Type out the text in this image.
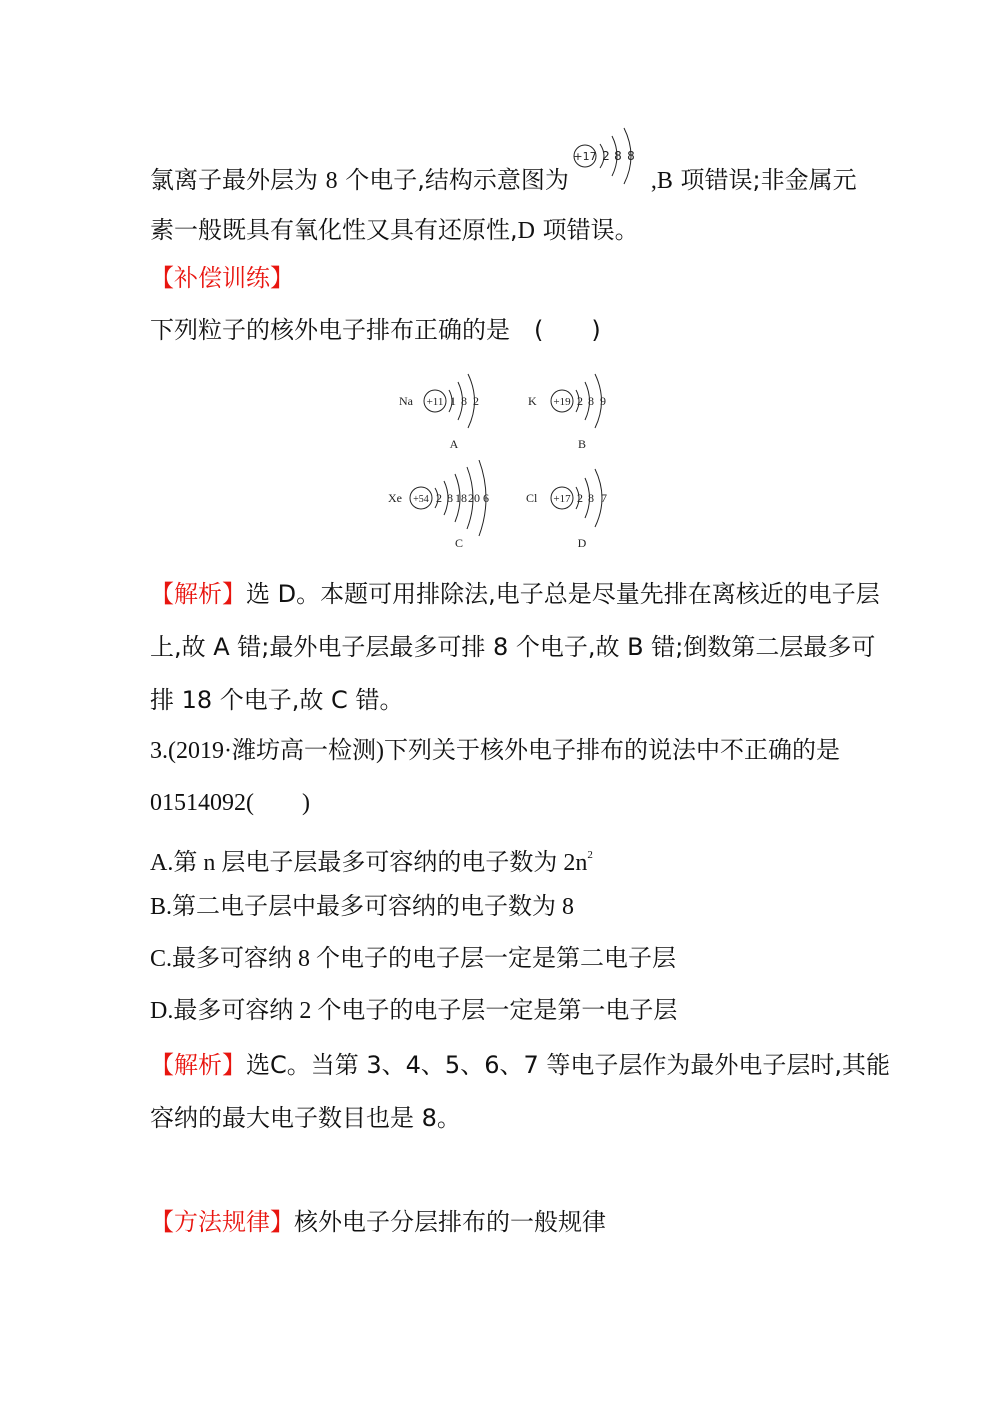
氯离子最外层为 8 个电子,结构示意图为	,B 项错误;非金属元
+17 2 8 8
素一般既具有氧化性又具有还原性,D 项错误。
【补偿训练】
下列粒子的核外电子排布正确的是　(　　)
Na +11 1 8 2
A
K +19 2 8 9
B
Xe +54 2 8 18 20 6
C
Cl +17 2 8 7
D
【解析】选 D。本题可用排除法,电子总是尽量先排在离核近的电子层
上,故 A 错;最外电子层最多可排 8 个电子,故 B 错;倒数第二层最多可
排 18 个电子,故 C 错。
3.(2019·潍坊高一检测)下列关于核外电子排布的说法中不正确的是
01514092(　　)
A.第 n 层电子层最多可容纳的电子数为 $2n^2$
B.第二电子层中最多可容纳的电子数为 8
C.最多可容纳 8 个电子的电子层一定是第二电子层
D.最多可容纳 2 个电子的电子层一定是第一电子层
【解析】选C。当第 3、4、5、6、7 等电子层作为最外电子层时,其能
容纳的最大电子数目也是 8。
【方法规律】核外电子分层排布的一般规律
